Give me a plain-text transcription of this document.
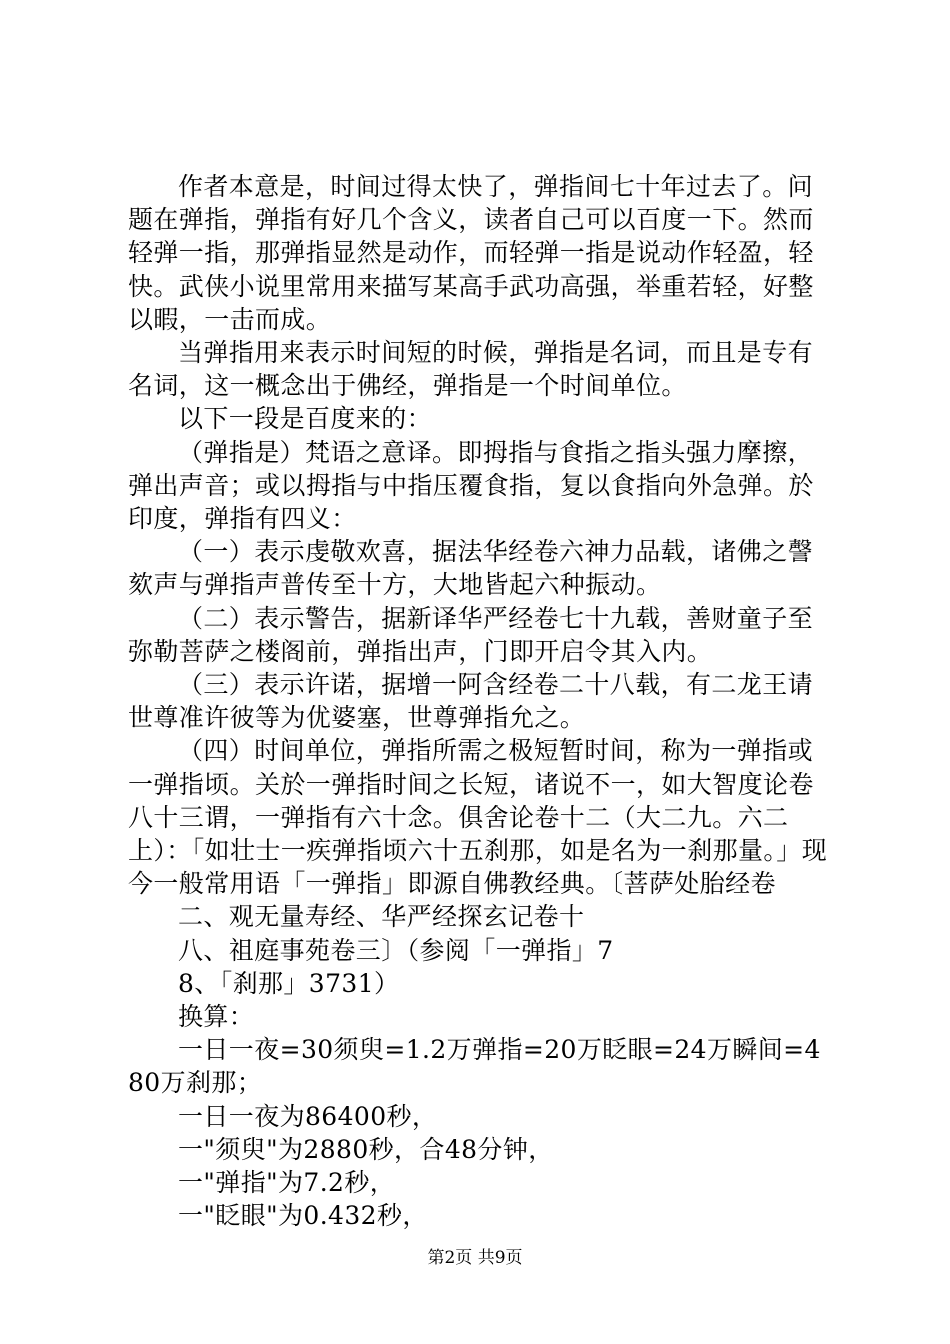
作者本意是，时间过得太快了，弹指间七十年过去了。问题在弹指，弹指有好几个含义，读者自己可以百度一下。然而轻弹一指，那弹指显然是动作，而轻弹一指是说动作轻盈，轻快。武侠小说里常用来描写某高手武功高强，举重若轻，好整以暇，一击而成。

当弹指用来表示时间短的时候，弹指是名词，而且是专有名词，这一概念出于佛经，弹指是一个时间单位。

以下一段是百度来的：

（弹指是）梵语之意译。即拇指与食指之指头强力摩擦，弹出声音；或以拇指与中指压覆食指，复以食指向外急弹。於印度，弹指有四义：

（一）表示虔敬欢喜，据法华经卷六神力品载，诸佛之謦欬声与弹指声普传至十方，大地皆起六种振动。

（二）表示警告，据新译华严经卷七十九载，善财童子至弥勒菩萨之楼阁前，弹指出声，门即开启令其入内。

（三）表示许诺，据增一阿含经卷二十八载，有二龙王请世尊准许彼等为优婆塞，世尊弹指允之。

（四）时间单位，弹指所需之极短暂时间，称为一弹指或一弹指顷。关於一弹指时间之长短，诸说不一，如大智度论卷八十三谓，一弹指有六十念。俱舍论卷十二（大二九。六二上）：「如壮士一疾弹指顷六十五刹那，如是名为一刹那量。」现今一般常用语「一弹指」即源自佛教经典。〔菩萨处胎经卷

二、观无量寿经、华严经探玄记卷十

八、祖庭事苑卷三〕（参阅「一弹指」7

8、「刹那」3731）

换算：

一日一夜=30须臾=1.2万弹指=20万眨眼=24万瞬间=480万刹那；

一日一夜为86400秒，

一"须臾"为2880秒，合48分钟，

一"弹指"为7.2秒，

一"眨眼"为0.432秒，

第2页 共9页
